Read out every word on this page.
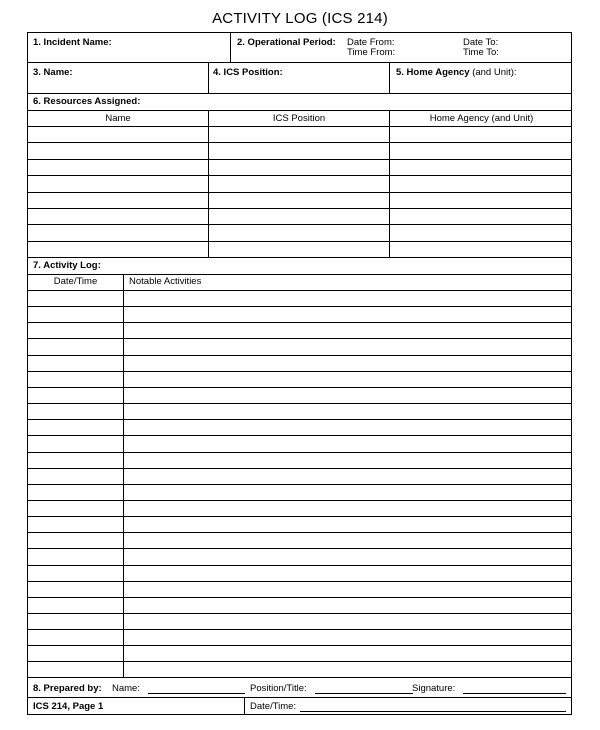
ACTIVITY LOG (ICS 214)
1. Incident Name:	2. Operational Period: Date From:
Time From:
Date To:
Time To:
3. Name:	4. ICS Position:	5. Home Agency (and Unit):
6. Resources Assigned:
Name	ICS Position	Home Agency (and Unit)
7. Activity Log:
Date/Time	Notable Activities
8. Prepared by: Name:	Position/Title:	Signature:
ICS 214, Page 1	Date/Time:
